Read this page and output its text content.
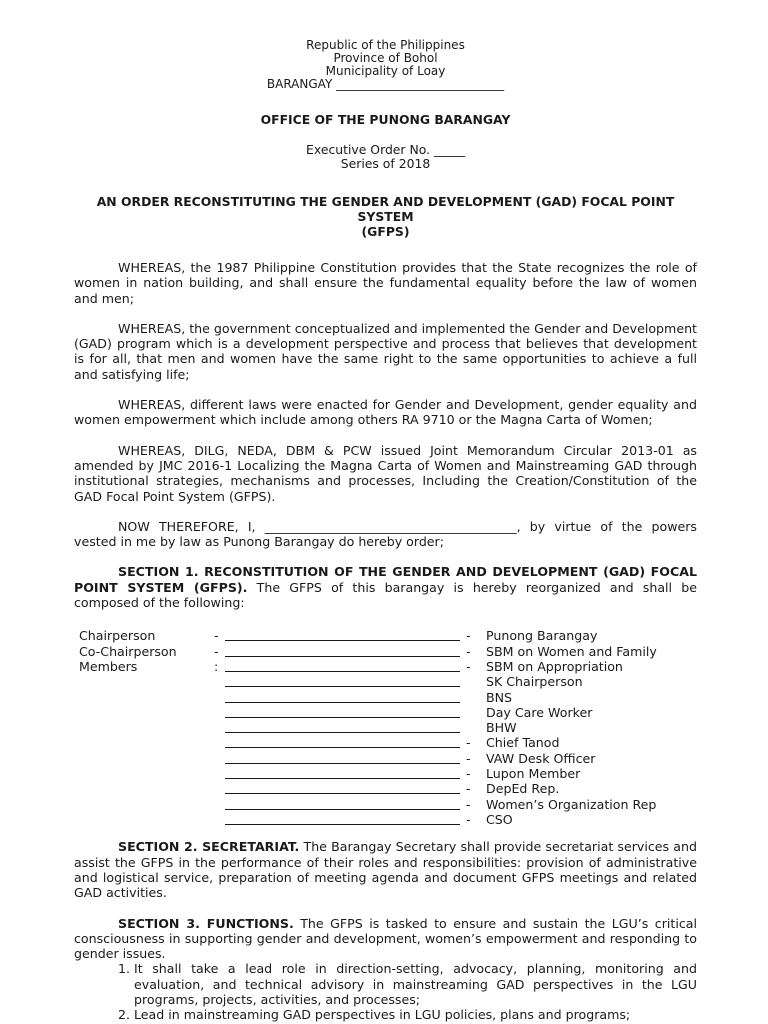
Republic of the Philippines
Province of Bohol
Municipality of Loay
BARANGAY ____________________________
OFFICE OF THE PUNONG BARANGAY
Executive Order No. _____
Series of 2018
AN ORDER RECONSTITUTING THE GENDER AND DEVELOPMENT (GAD) FOCAL POINT SYSTEM
(GFPS)

WHEREAS, the 1987 Philippine Constitution provides that the State recognizes the role of women in nation building, and shall ensure the fundamental equality before the law of women and men;

WHEREAS, the government conceptualized and implemented the Gender and Development (GAD) program which is a development perspective and process that believes that development is for all, that men and women have the same right to the same opportunities to achieve a full and satisfying life;

WHEREAS, different laws were enacted for Gender and Development, gender equality and women empowerment which include among others RA 9710 or the Magna Carta of Women;

WHEREAS, DILG, NEDA, DBM & PCW issued Joint Memorandum Circular 2013-01 as amended by JMC 2016-1 Localizing the Magna Carta of Women and Mainstreaming GAD through institutional strategies, mechanisms and processes, Including the Creation/Constitution of the GAD Focal Point System (GFPS).

NOW THEREFORE, I, ________________________________________, by virtue of the powers vested in me by law as Punong Barangay do hereby order;

SECTION 1. RECONSTITUTION OF THE GENDER AND DEVELOPMENT (GAD) FOCAL POINT SYSTEM (GFPS). The GFPS of this barangay is hereby reorganized and shall be composed of the following:

Chairperson	-	- Punong Barangay
Co-Chairperson	-	- SBM on Women and Family
Members	:	- SBM on Appropriation
SK Chairperson
BNS
Day Care Worker
BHW
- Chief Tanod
- VAW Desk Officer
- Lupon Member
- DepEd Rep.
- Women’s Organization Rep
- CSO

SECTION 2. SECRETARIAT. The Barangay Secretary shall provide secretariat services and assist the GFPS in the performance of their roles and responsibilities: provision of administrative and logistical service, preparation of meeting agenda and document GFPS meetings and related GAD activities.

SECTION 3. FUNCTIONS. The GFPS is tasked to ensure and sustain the LGU’s critical consciousness in supporting gender and development, women’s empowerment and responding to gender issues.

1. It shall take a lead role in direction-setting, advocacy, planning, monitoring and evaluation, and technical advisory in mainstreaming GAD perspectives in the LGU programs, projects, activities, and processes;
2. Lead in mainstreaming GAD perspectives in LGU policies, plans and programs;
